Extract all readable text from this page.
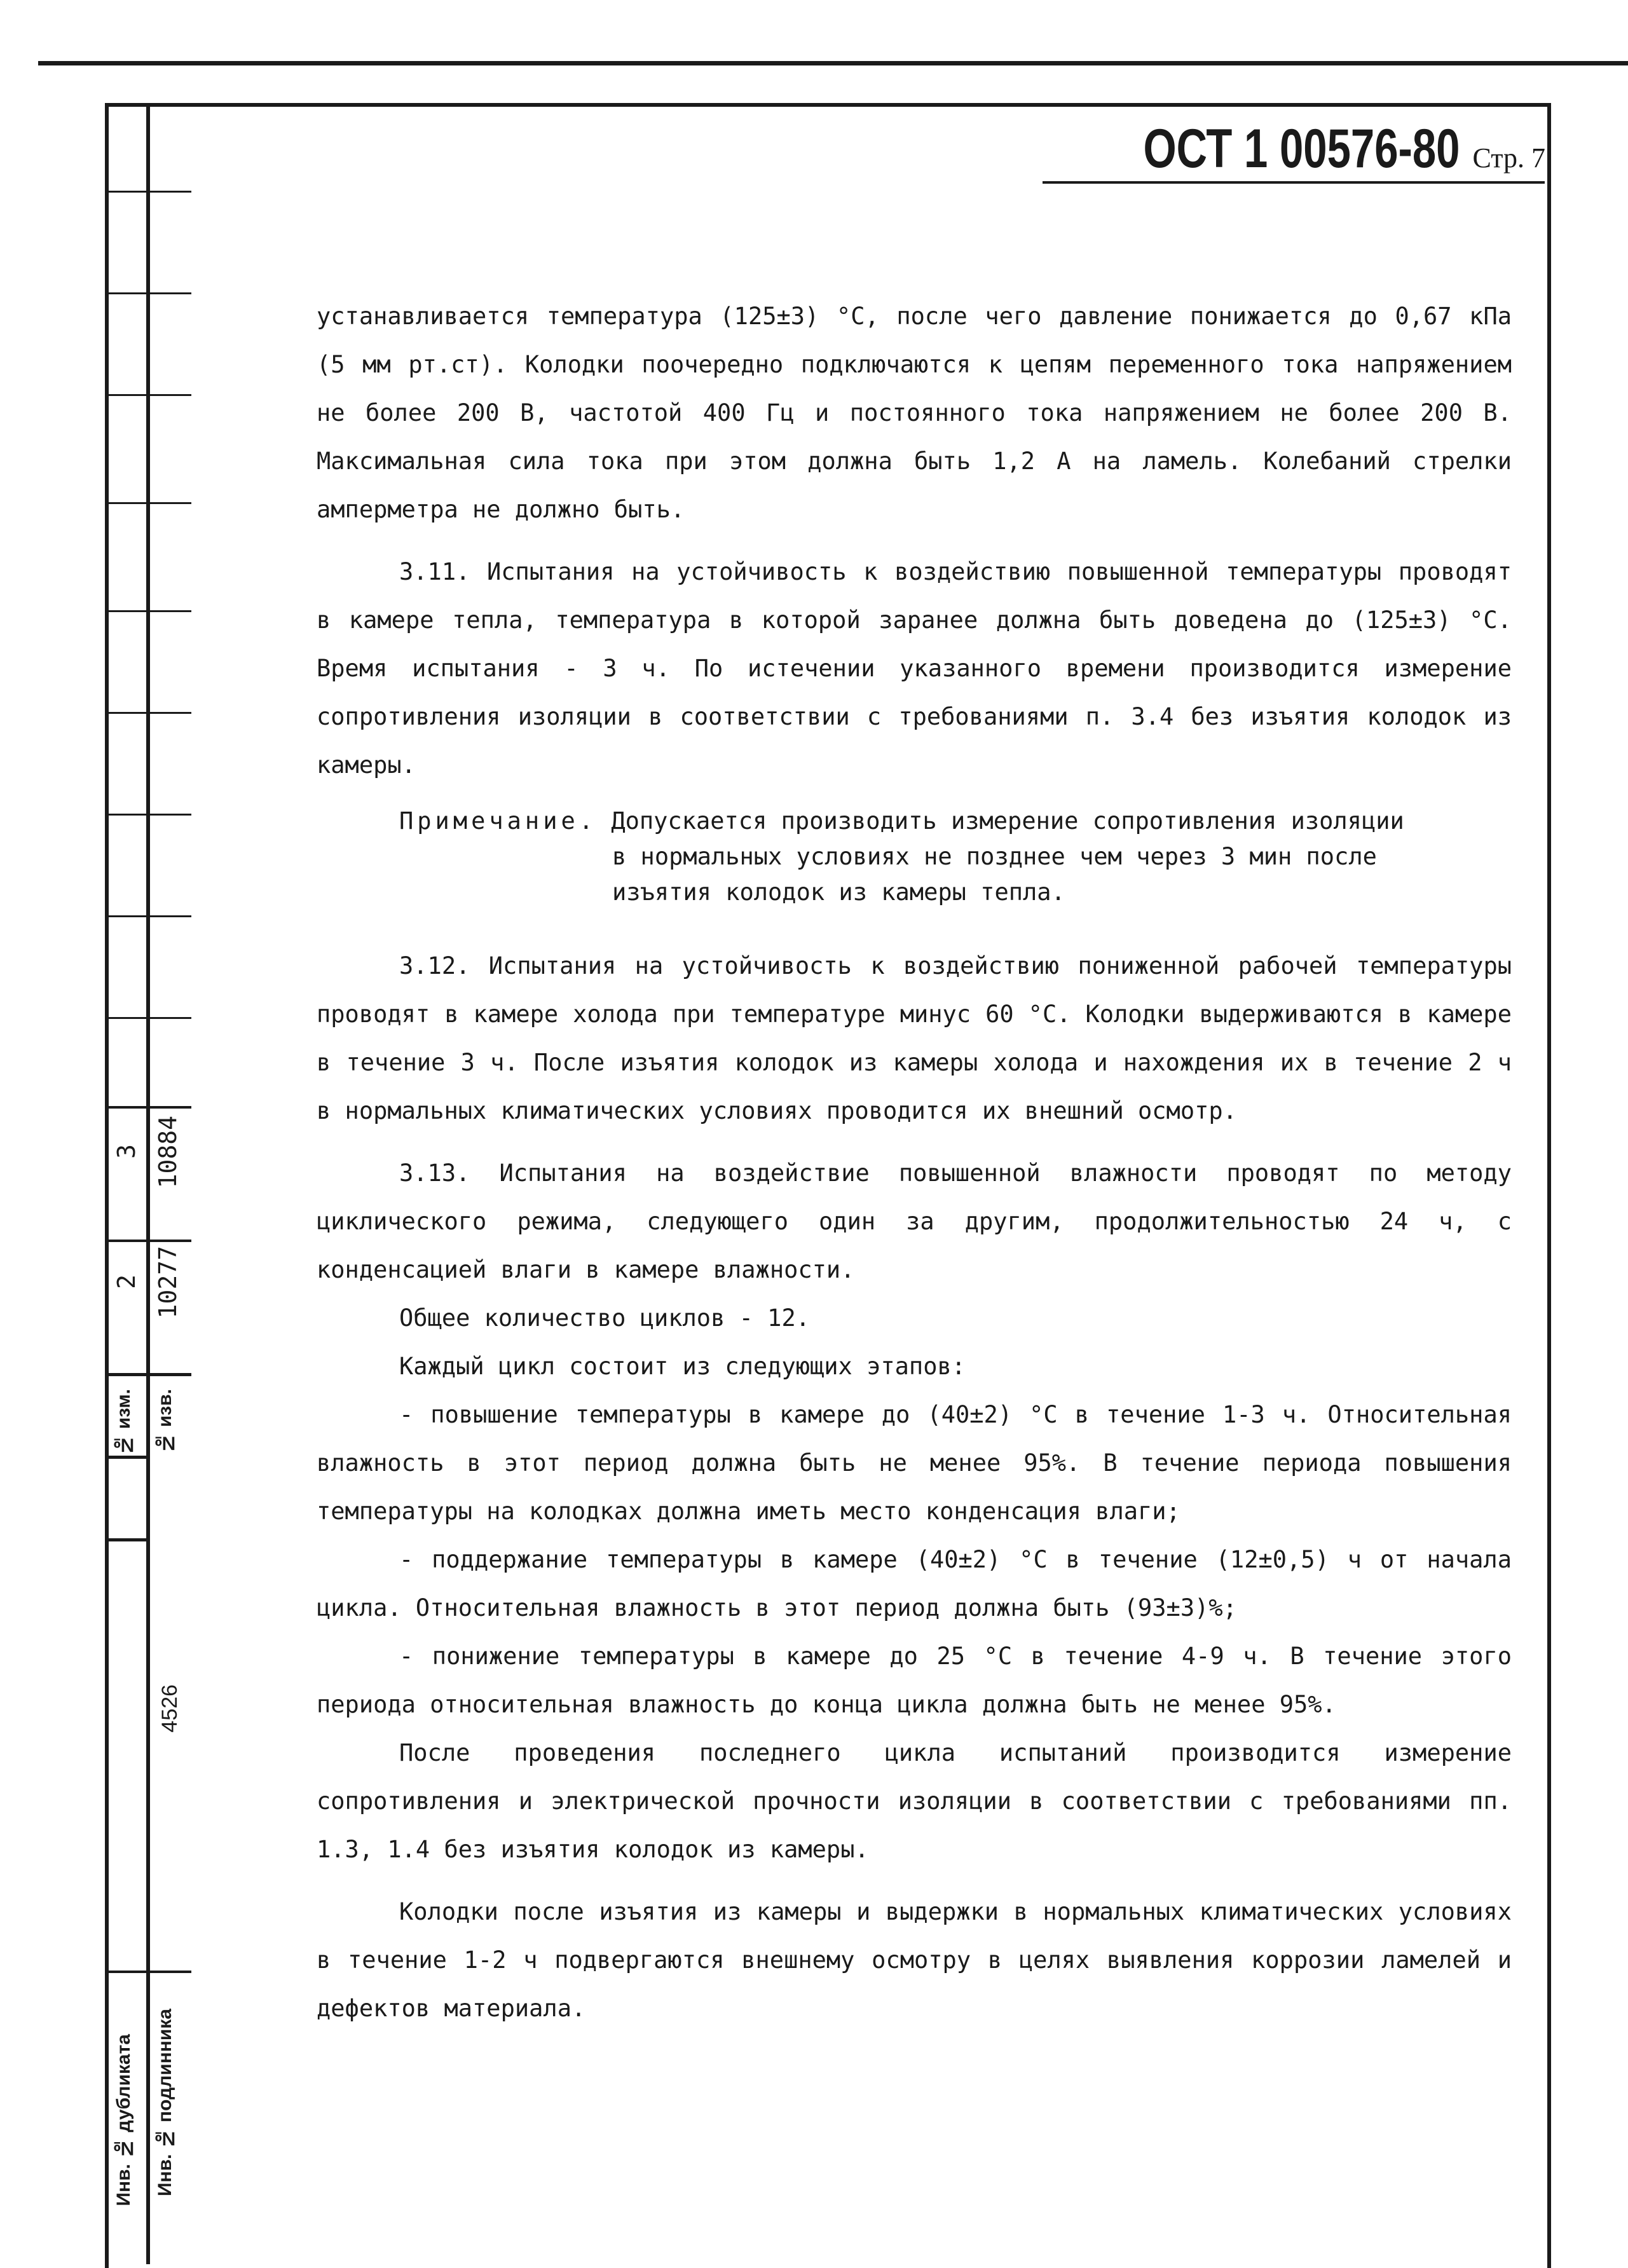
№ изм. № изв.
2 10277
3 10884
4526
Инв. № дубликата Инв. № подлинника
ОСТ 1 00576-80 Стр. 7

устанавливается температура (125±3) °С, после чего давление понижается до 0,67 кПа (5 мм рт.ст). Колодки поочередно подключаются к цепям переменного тока напряжением не более 200 В, частотой 400 Гц и постоянного тока напряжением не более 200 В. Максимальная сила тока при этом должна быть 1,2 А на ламель. Колебаний стрелки амперметра не должно быть.

3.11. Испытания на устойчивость к воздействию повышенной температуры проводят в камере тепла, температура в которой заранее должна быть доведена до (125±3) °С. Время испытания - 3 ч. По истечении указанного времени производится измерение сопротивления изоляции в соответствии с требованиями п. 3.4 без изъятия колодок из камеры.

Примечание. Допускается производить измерение сопротивления изоляции
в нормальных условиях не позднее чем через 3 мин после
изъятия колодок из камеры тепла.

3.12. Испытания на устойчивость к воздействию пониженной рабочей температуры проводят в камере холода при температуре минус 60 °С. Колодки выдерживаются в камере в течение 3 ч. После изъятия колодок из камеры холода и нахождения их в течение 2 ч в нормальных климатических условиях проводится их внешний осмотр.

3.13. Испытания на воздействие повышенной влажности проводят по методу циклического режима, следующего один за другим, продолжительностью 24 ч, с конденсацией влаги в камере влажности.

Общее количество циклов - 12.

Каждый цикл состоит из следующих этапов:

- повышение температуры в камере до (40±2) °С в течение 1-3 ч. Относительная влажность в этот период должна быть не менее 95%. В течение периода повышения температуры на колодках должна иметь место конденсация влаги;

- поддержание температуры в камере (40±2) °С в течение (12±0,5) ч от начала цикла. Относительная влажность в этот период должна быть (93±3)%;

- понижение температуры в камере до 25 °С в течение 4-9 ч. В течение этого периода относительная влажность до конца цикла должна быть не менее 95%.

После проведения последнего цикла испытаний производится измерение сопротивления и электрической прочности изоляции в соответствии с требованиями пп. 1.3, 1.4 без изъятия колодок из камеры.

Колодки после изъятия из камеры и выдержки в нормальных климатических условиях в течение 1-2 ч подвергаются внешнему осмотру в целях выявления коррозии ламелей и дефектов материала.
